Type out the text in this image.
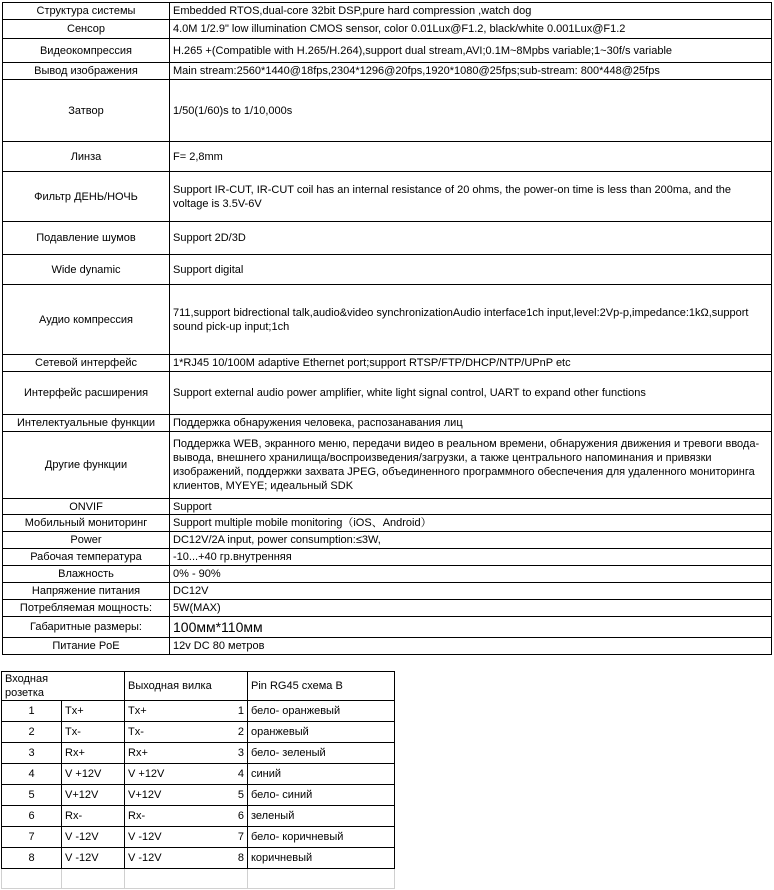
Структура системы	Embedded RTOS,dual-core 32bit DSP,pure hard compression ,watch dog
Сенсор	4.0M 1/2.9" low illumination CMOS sensor, color 0.01Lux@F1.2, black/white 0.001Lux@F1.2
Видеокомпрессия	H.265 +(Compatible with H.265/H.264),support dual stream,AVI;0.1M~8Mpbs variable;1~30f/s variable
Вывод изображения	Main stream:2560*1440@18fps,2304*1296@20fps,1920*1080@25fps;sub-stream: 800*448@25fps
Затвор	1/50(1/60)s to 1/10,000s
Линза	F= 2,8mm
Фильтр ДЕНЬ/НОЧЬ	Support IR-CUT, IR-CUT coil has an internal resistance of 20 ohms, the power-on time is less than 200ma, and the voltage is 3.5V-6V
Подавление шумов	Support 2D/3D
Wide dynamic	Support digital
Аудио компрессия	711,support bidrectional talk,audio&video synchronizationAudio interface1ch input,level:2Vp-p,impedance:1kΩ,support sound pick-up input;1ch
Сетевой интерфейс	1*RJ45 10/100M adaptive Ethernet port;support RTSP/FTP/DHCP/NTP/UPnP etc
Интерфейс расширения	Support external audio power amplifier, white light signal control, UART to expand other functions
Интелектуальные функции	Поддержка обнаружения человека, распозанавания лиц
Другие функции	Поддержка WEB, экранного меню, передачи видео в реальном времени, обнаружения движения и тревоги ввода-вывода, внешнего хранилища/воспроизведения/загрузки, а также центрального напоминания и привязки изображений, поддержки захвата JPEG, объединенного программного обеспечения для удаленного мониторинга клиентов, MYEYE; идеальный SDK
ONVIF	Support
Мобильный мониторинг	Support multiple mobile monitoring（iOS、Android）
Power	DC12V/2A input, power consumption:≤3W,
Рабочая температура	-10...+40 гр.внутренняя
Влажность	0% - 90%
Напряжение питания	DC12V
Потребляемая мощность:	5W(MAX)
Габаритные размеры:	100мм*110мм
Питание PoE	12v DC 80 метров
Входная розетка		Выходная вилка	Pin RG45 схема B
1	Tx+	Tx+ 1	бело- оранжевый
2	Tx-	Tx- 2	оранжевый
3	Rx+	Rx+ 3	бело- зеленый
4	V +12V	V +12V 4	синий
5	V+12V	V+12V 5	бело- синий
6	Rx-	Rx- 6	зеленый
7	V -12V	V -12V 7	бело- коричневый
8	V -12V	V -12V 8	коричневый
